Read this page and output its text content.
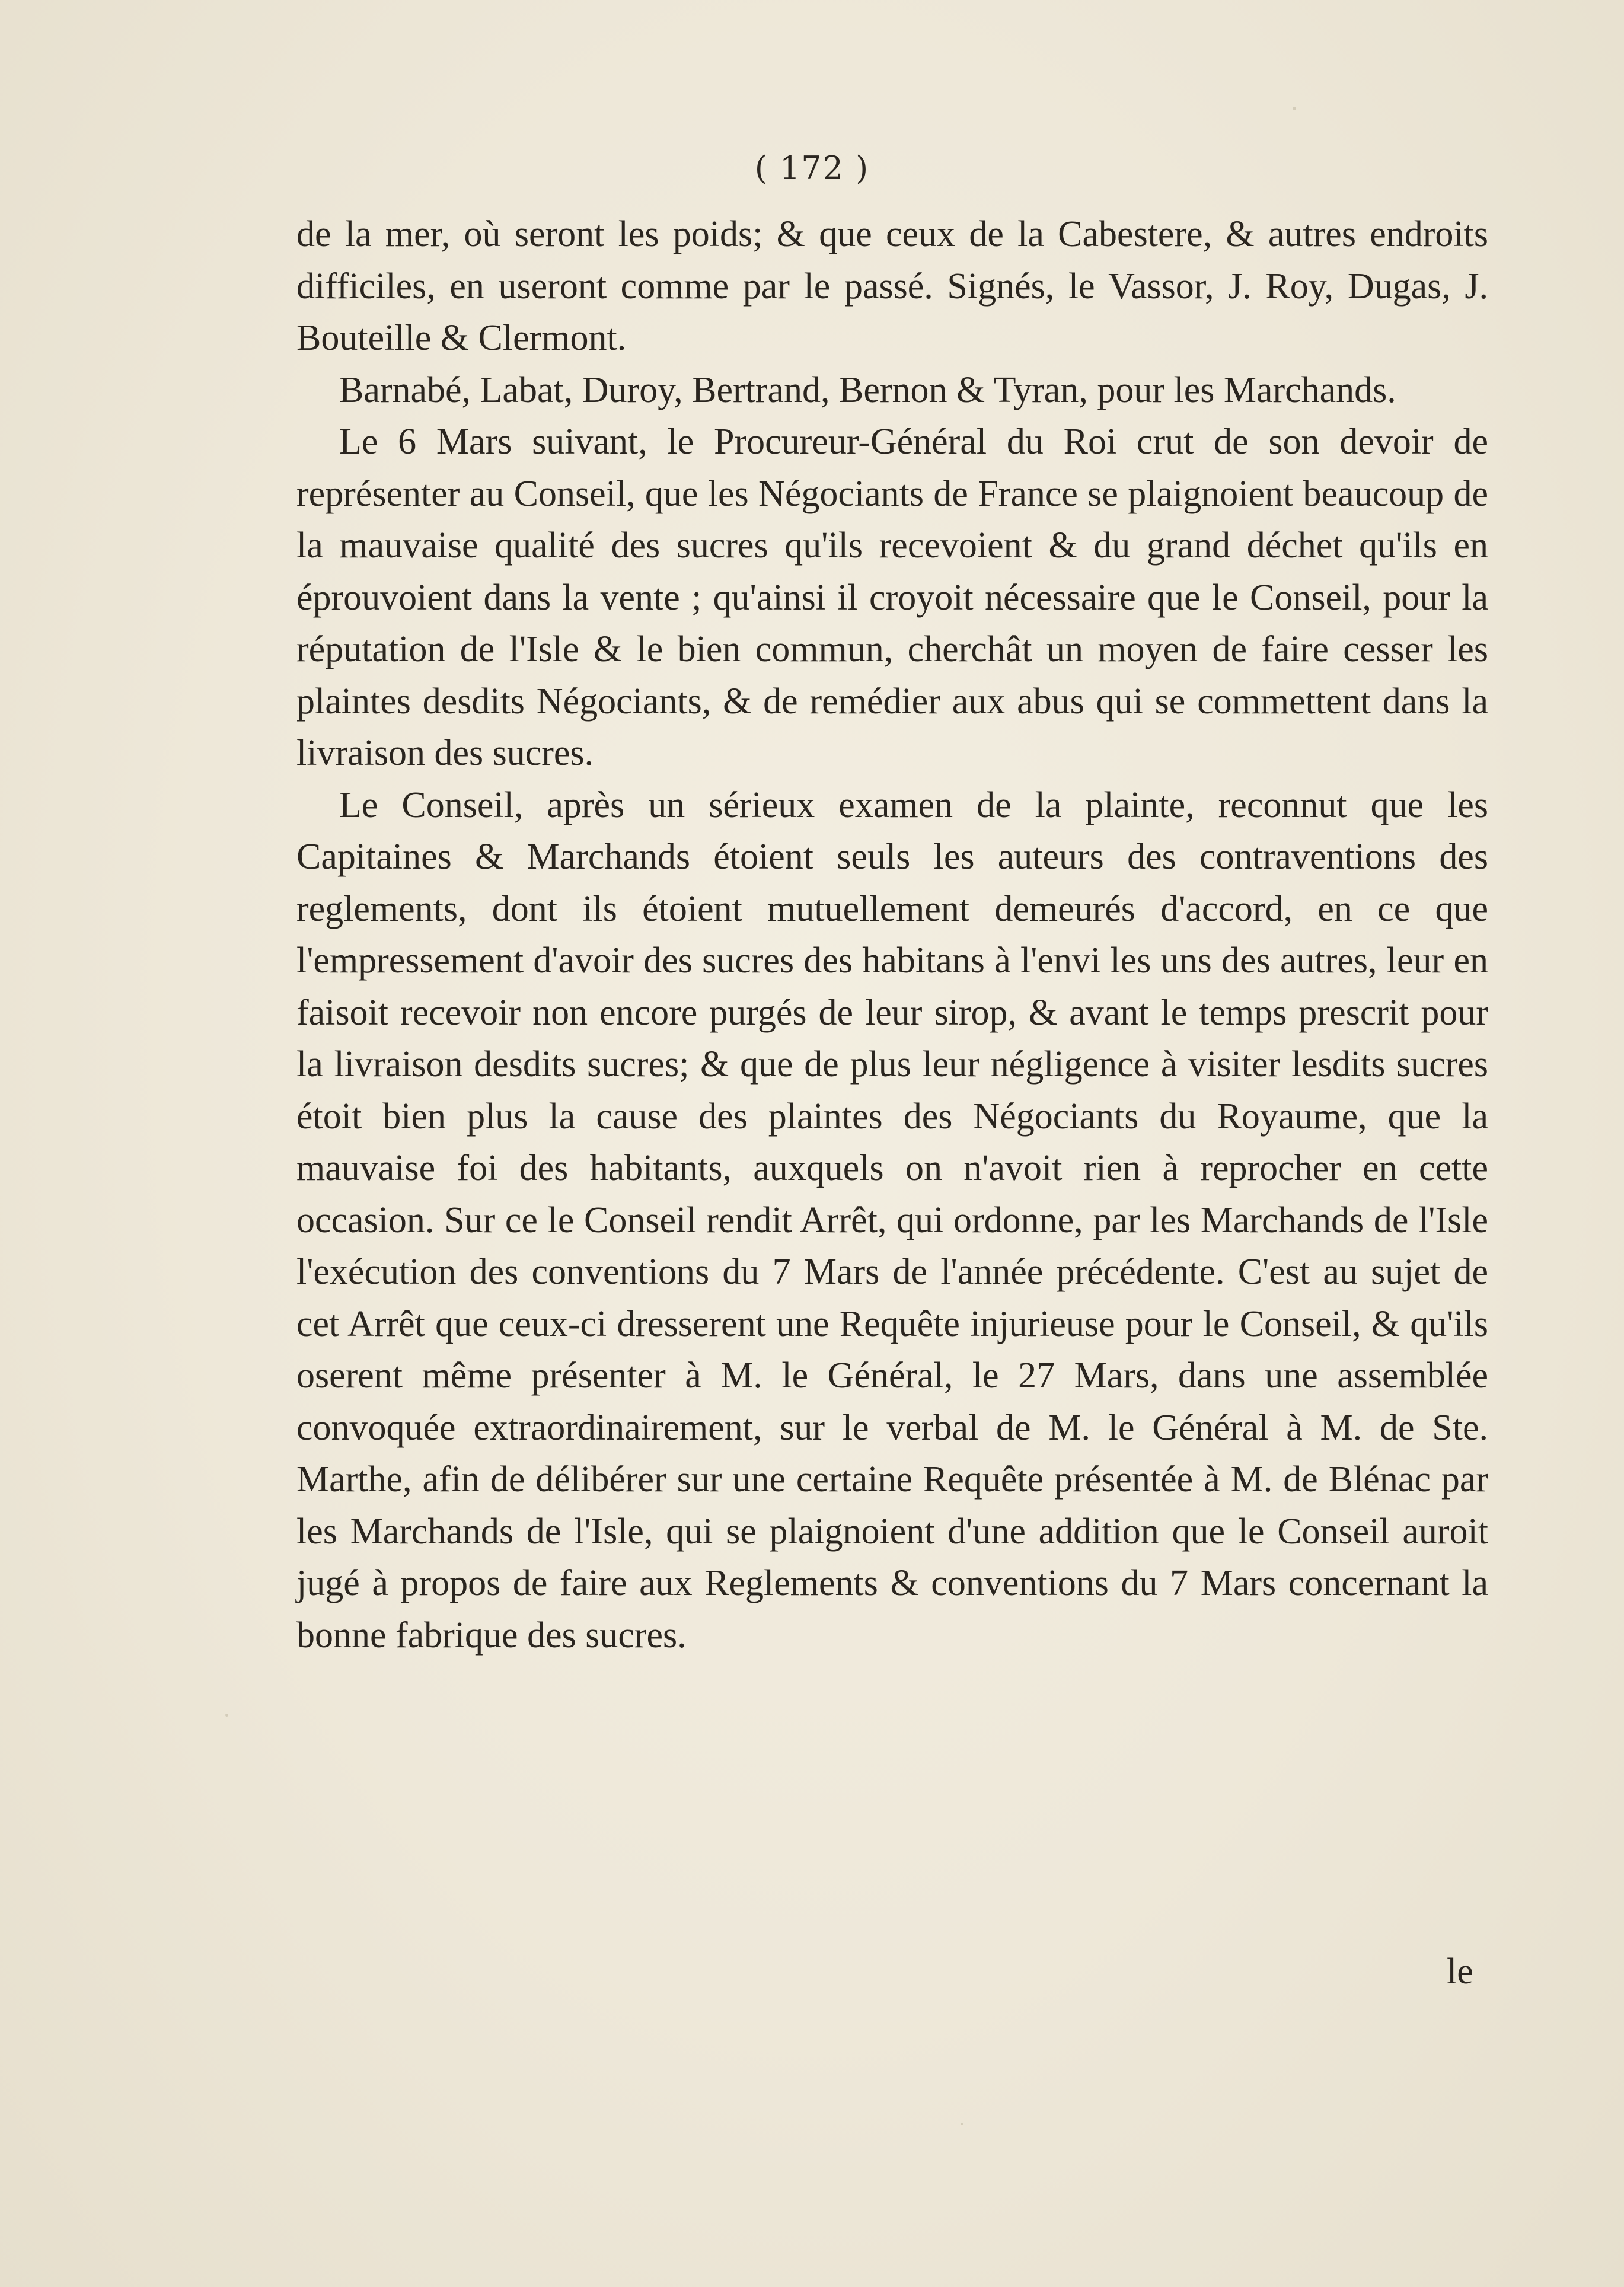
( 172 )

de la mer, où seront les poids; & que ceux de la Cabestere, & autres endroits difficiles, en useront comme par le passé. Signés, le Vassor, J. Roy, Dugas, J. Bouteille & Clermont.

Barnabé, Labat, Duroy, Bertrand, Bernon & Tyran, pour les Marchands.

Le 6 Mars suivant, le Procureur-Général du Roi crut de son devoir de représenter au Conseil, que les Négociants de France se plaignoient beaucoup de la mauvaise qualité des sucres qu'ils recevoient & du grand déchet qu'ils en éprouvoient dans la vente ; qu'ainsi il croyoit nécessaire que le Conseil, pour la réputation de l'Isle & le bien commun, cherchât un moyen de faire cesser les plaintes desdits Négociants, & de remédier aux abus qui se commettent dans la livraison des sucres.

Le Conseil, après un sérieux examen de la plainte, reconnut que les Capitaines & Marchands étoient seuls les auteurs des contraventions des reglements, dont ils étoient mutuellement demeurés d'accord, en ce que l'empressement d'avoir des sucres des habitans à l'envi les uns des autres, leur en faisoit recevoir non encore purgés de leur sirop, & avant le temps prescrit pour la livraison desdits sucres; & que de plus leur négligence à visiter lesdits sucres étoit bien plus la cause des plaintes des Négociants du Royaume, que la mauvaise foi des habitants, auxquels on n'avoit rien à reprocher en cette occasion. Sur ce le Conseil rendit Arrêt, qui ordonne, par les Marchands de l'Isle l'exécution des conventions du 7 Mars de l'année précédente. C'est au sujet de cet Arrêt que ceux-ci dresserent une Requête injurieuse pour le Conseil, & qu'ils oserent même présenter à M. le Général, le 27 Mars, dans une assemblée convoquée extraordinairement, sur le verbal de M. le Général à M. de Ste. Marthe, afin de délibérer sur une certaine Requête présentée à M. de Blénac par les Marchands de l'Isle, qui se plaignoient d'une addition que le Conseil auroit jugé à propos de faire aux Reglements & conventions du 7 Mars concernant la bonne fabrique des sucres.

le
